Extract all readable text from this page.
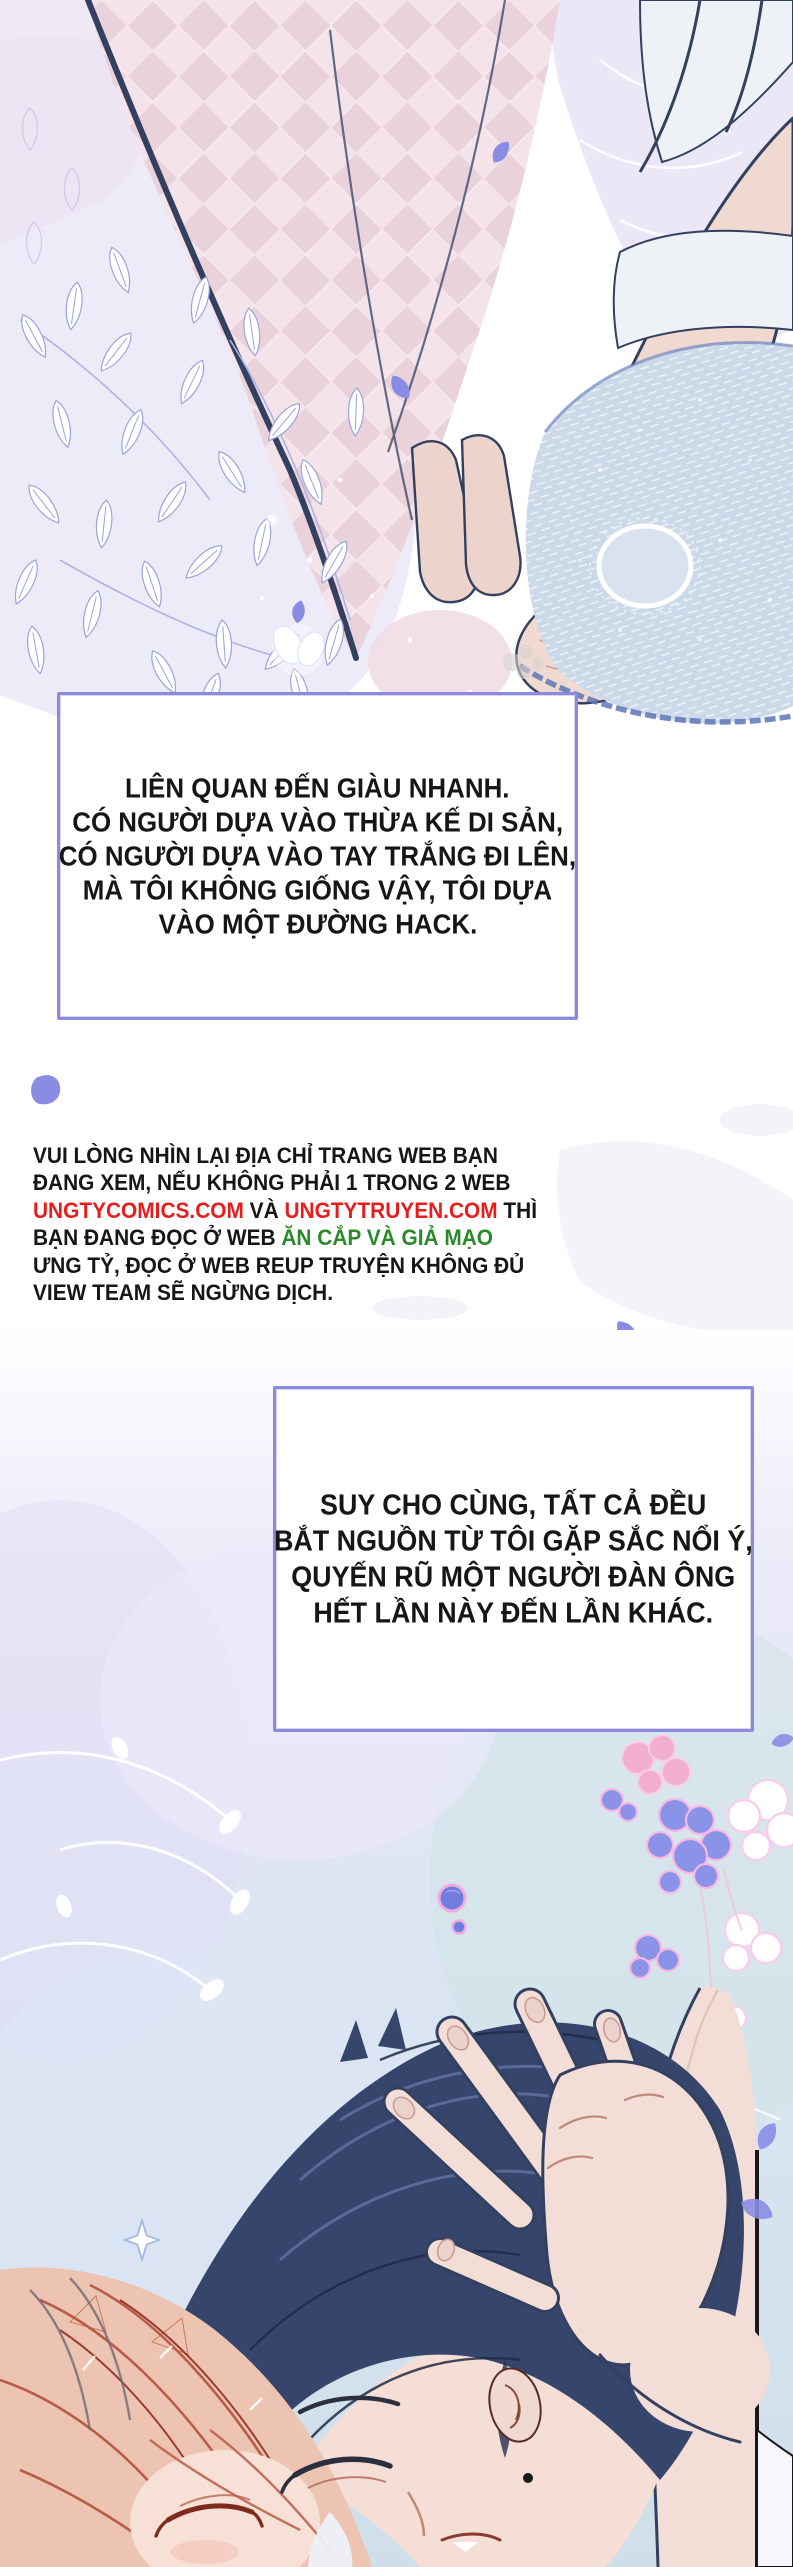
LIÊN QUAN ĐẾN GIÀU NHANH.
CÓ NGƯỜI DỰA VÀO THỪA KẾ DI SẢN,
CÓ NGƯỜI DỰA VÀO TAY TRẮNG ĐI LÊN,
MÀ TÔI KHÔNG GIỐNG VẬY, TÔI DỰA
VÀO MỘT ĐƯỜNG HACK.
VUI LÒNG NHÌN LẠI ĐỊA CHỈ TRANG WEB BẠN
ĐANG XEM, NẾU KHÔNG PHẢI 1 TRONG 2 WEB
UNGTYCOMICS.COM VÀ UNGTYTRUYEN.COM THÌ
BẠN ĐANG ĐỌC Ở WEB ĂN CẮP VÀ GIẢ MẠO
ƯNG TỶ, ĐỌC Ở WEB REUP TRUYỆN KHÔNG ĐỦ
VIEW TEAM SẼ NGỪNG DỊCH.
SUY CHO CÙNG, TẤT CẢ ĐỀU
BẮT NGUỒN TỪ TÔI GẶP SẮC NỔI Ý,
QUYẾN RŨ MỘT NGƯỜI ĐÀN ÔNG
HẾT LẦN NÀY ĐẾN LẦN KHÁC.
